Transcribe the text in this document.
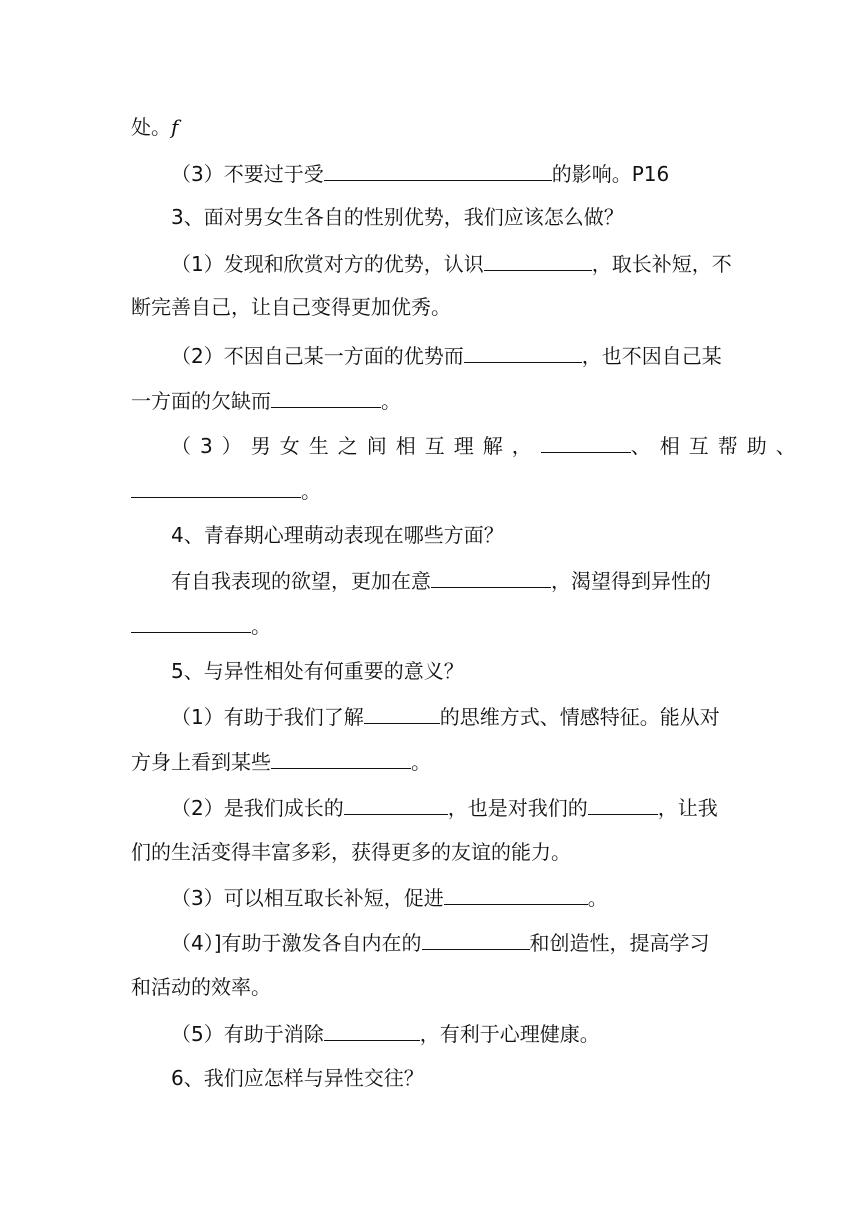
处。f
（3）不要过于受	的影响。P16
3、面对男女生各自的性别优势，我们应该怎么做？
（1）发现和欣赏对方的优势，认识	，取长补短，不
断完善自己，让自己变得更加优秀。
（2）不因自己某一方面的优势而	，也不因自己某
一方面的欠缺而	。
（3）男女生之间相互理解，	、相互帮助、
。
4、青春期心理萌动表现在哪些方面？
有自我表现的欲望，更加在意	，渴望得到异性的
。
5、与异性相处有何重要的意义？
（1）有助于我们了解	的思维方式、情感特征。能从对
方身上看到某些	。
（2）是我们成长的	，也是对我们的	，让我
们的生活变得丰富多彩，获得更多的友谊的能力。
（3）可以相互取长补短，促进	。
（4）]有助于激发各自内在的	和创造性，提高学习
和活动的效率。
（5）有助于消除	，有利于心理健康。
6、我们应怎样与异性交往？
